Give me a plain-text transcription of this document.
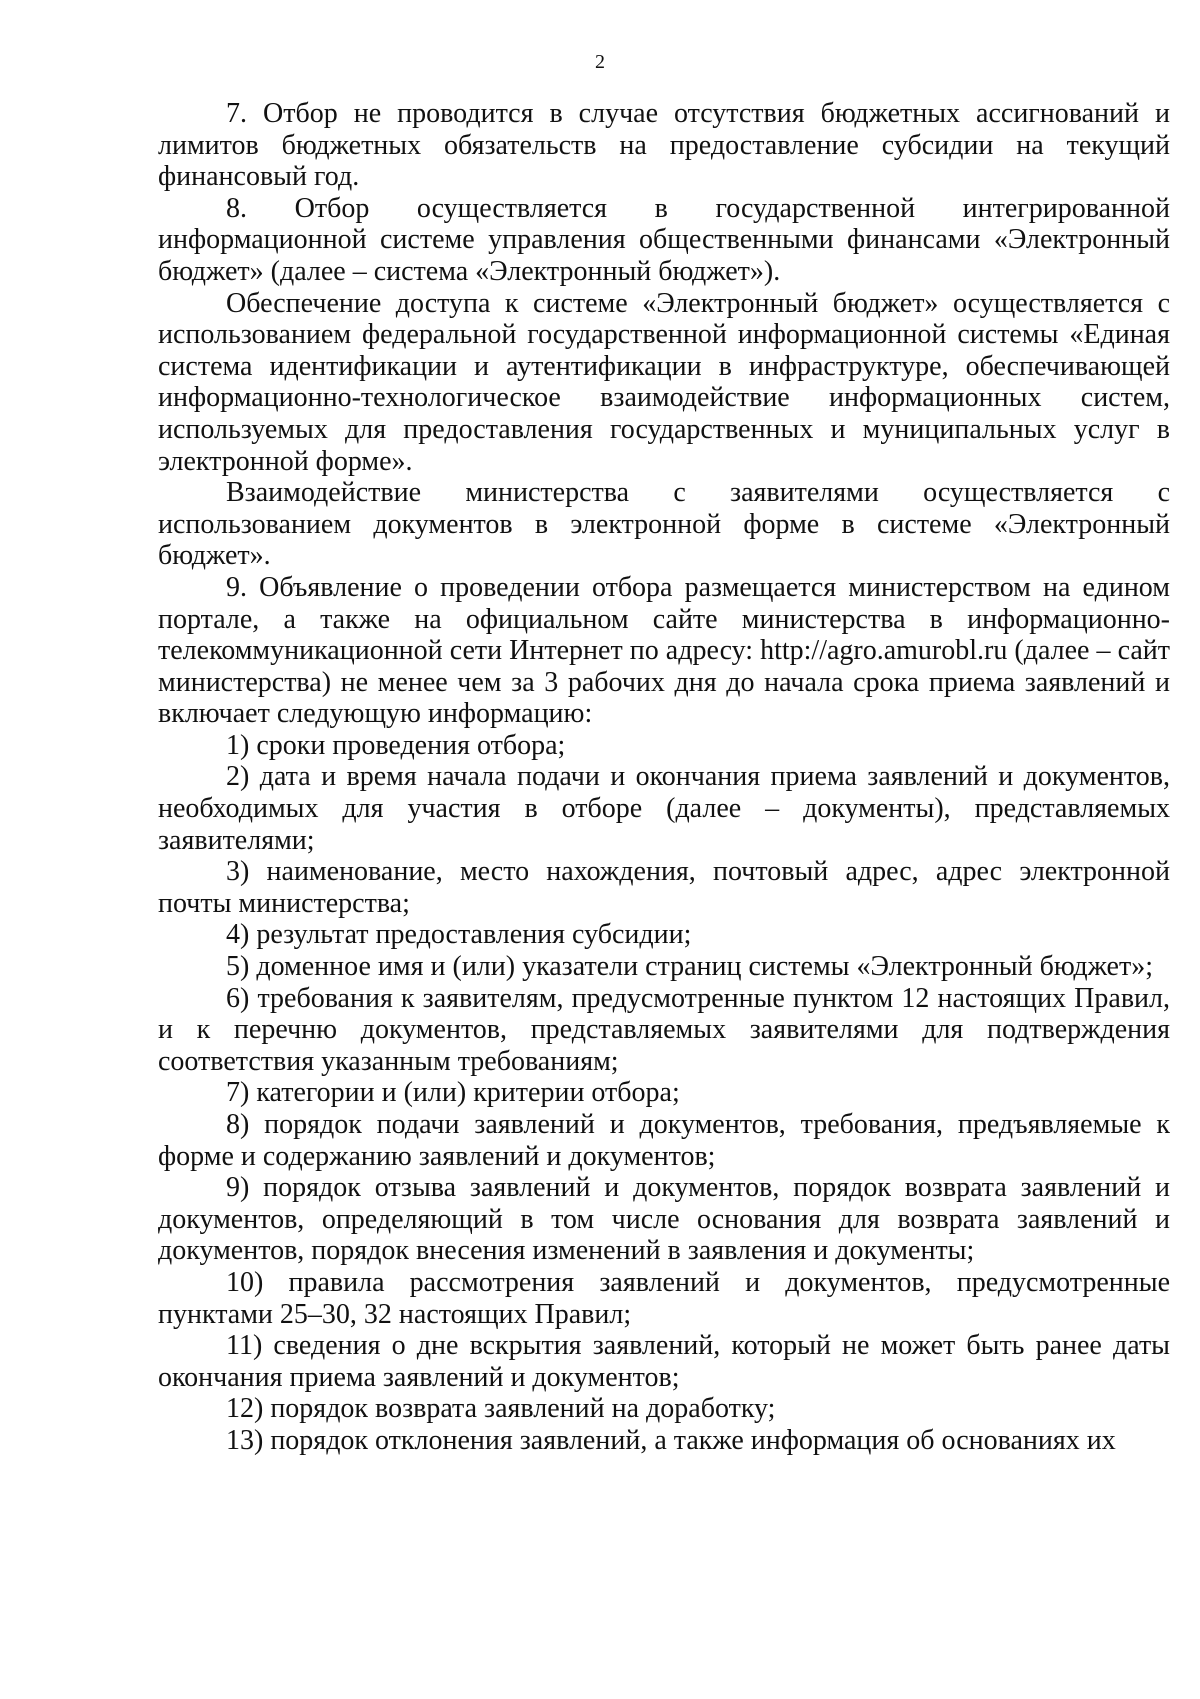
2

7. Отбор не проводится в случае отсутствия бюджетных ассигнований и лимитов бюджетных обязательств на предоставление субсидии на текущий финансовый год.

8. Отбор осуществляется в государственной интегрированной информационной системе управления общественными финансами «Электронный бюджет» (далее – система «Электронный бюджет»).

Обеспечение доступа к системе «Электронный бюджет» осуществляется с использованием федеральной государственной информационной системы «Единая система идентификации и аутентификации в инфраструктуре, обеспечивающей информационно-технологическое взаимодействие информационных систем, используемых для предоставления государственных и муниципальных услуг в электронной форме».

Взаимодействие министерства с заявителями осуществляется с использованием документов в электронной форме в системе «Электронный бюджет».

9. Объявление о проведении отбора размещается министерством на едином портале, а также на официальном сайте министерства в информационно-телекоммуникационной сети Интернет по адресу: http://agro.amurobl.ru (далее – сайт министерства) не менее чем за 3 рабочих дня до начала срока приема заявлений и включает следующую информацию:

1) сроки проведения отбора;

2) дата и время начала подачи и окончания приема заявлений и документов, необходимых для участия в отборе (далее – документы), представляемых заявителями;

3) наименование, место нахождения, почтовый адрес, адрес электронной почты министерства;

4) результат предоставления субсидии;

5) доменное имя и (или) указатели страниц системы «Электронный бюджет»;

6) требования к заявителям, предусмотренные пунктом 12 настоящих Правил, и к перечню документов, представляемых заявителями для подтверждения соответствия указанным требованиям;

7) категории и (или) критерии отбора;

8) порядок подачи заявлений и документов, требования, предъявляемые к форме и содержанию заявлений и документов;

9) порядок отзыва заявлений и документов, порядок возврата заявлений и документов, определяющий в том числе основания для возврата заявлений и документов, порядок внесения изменений в заявления и документы;

10) правила рассмотрения заявлений и документов, предусмотренные пунктами 25–30, 32 настоящих Правил;

11) сведения о дне вскрытия заявлений, который не может быть ранее даты окончания приема заявлений и документов;

12) порядок возврата заявлений на доработку;

13) порядок отклонения заявлений, а также информация об основаниях их
